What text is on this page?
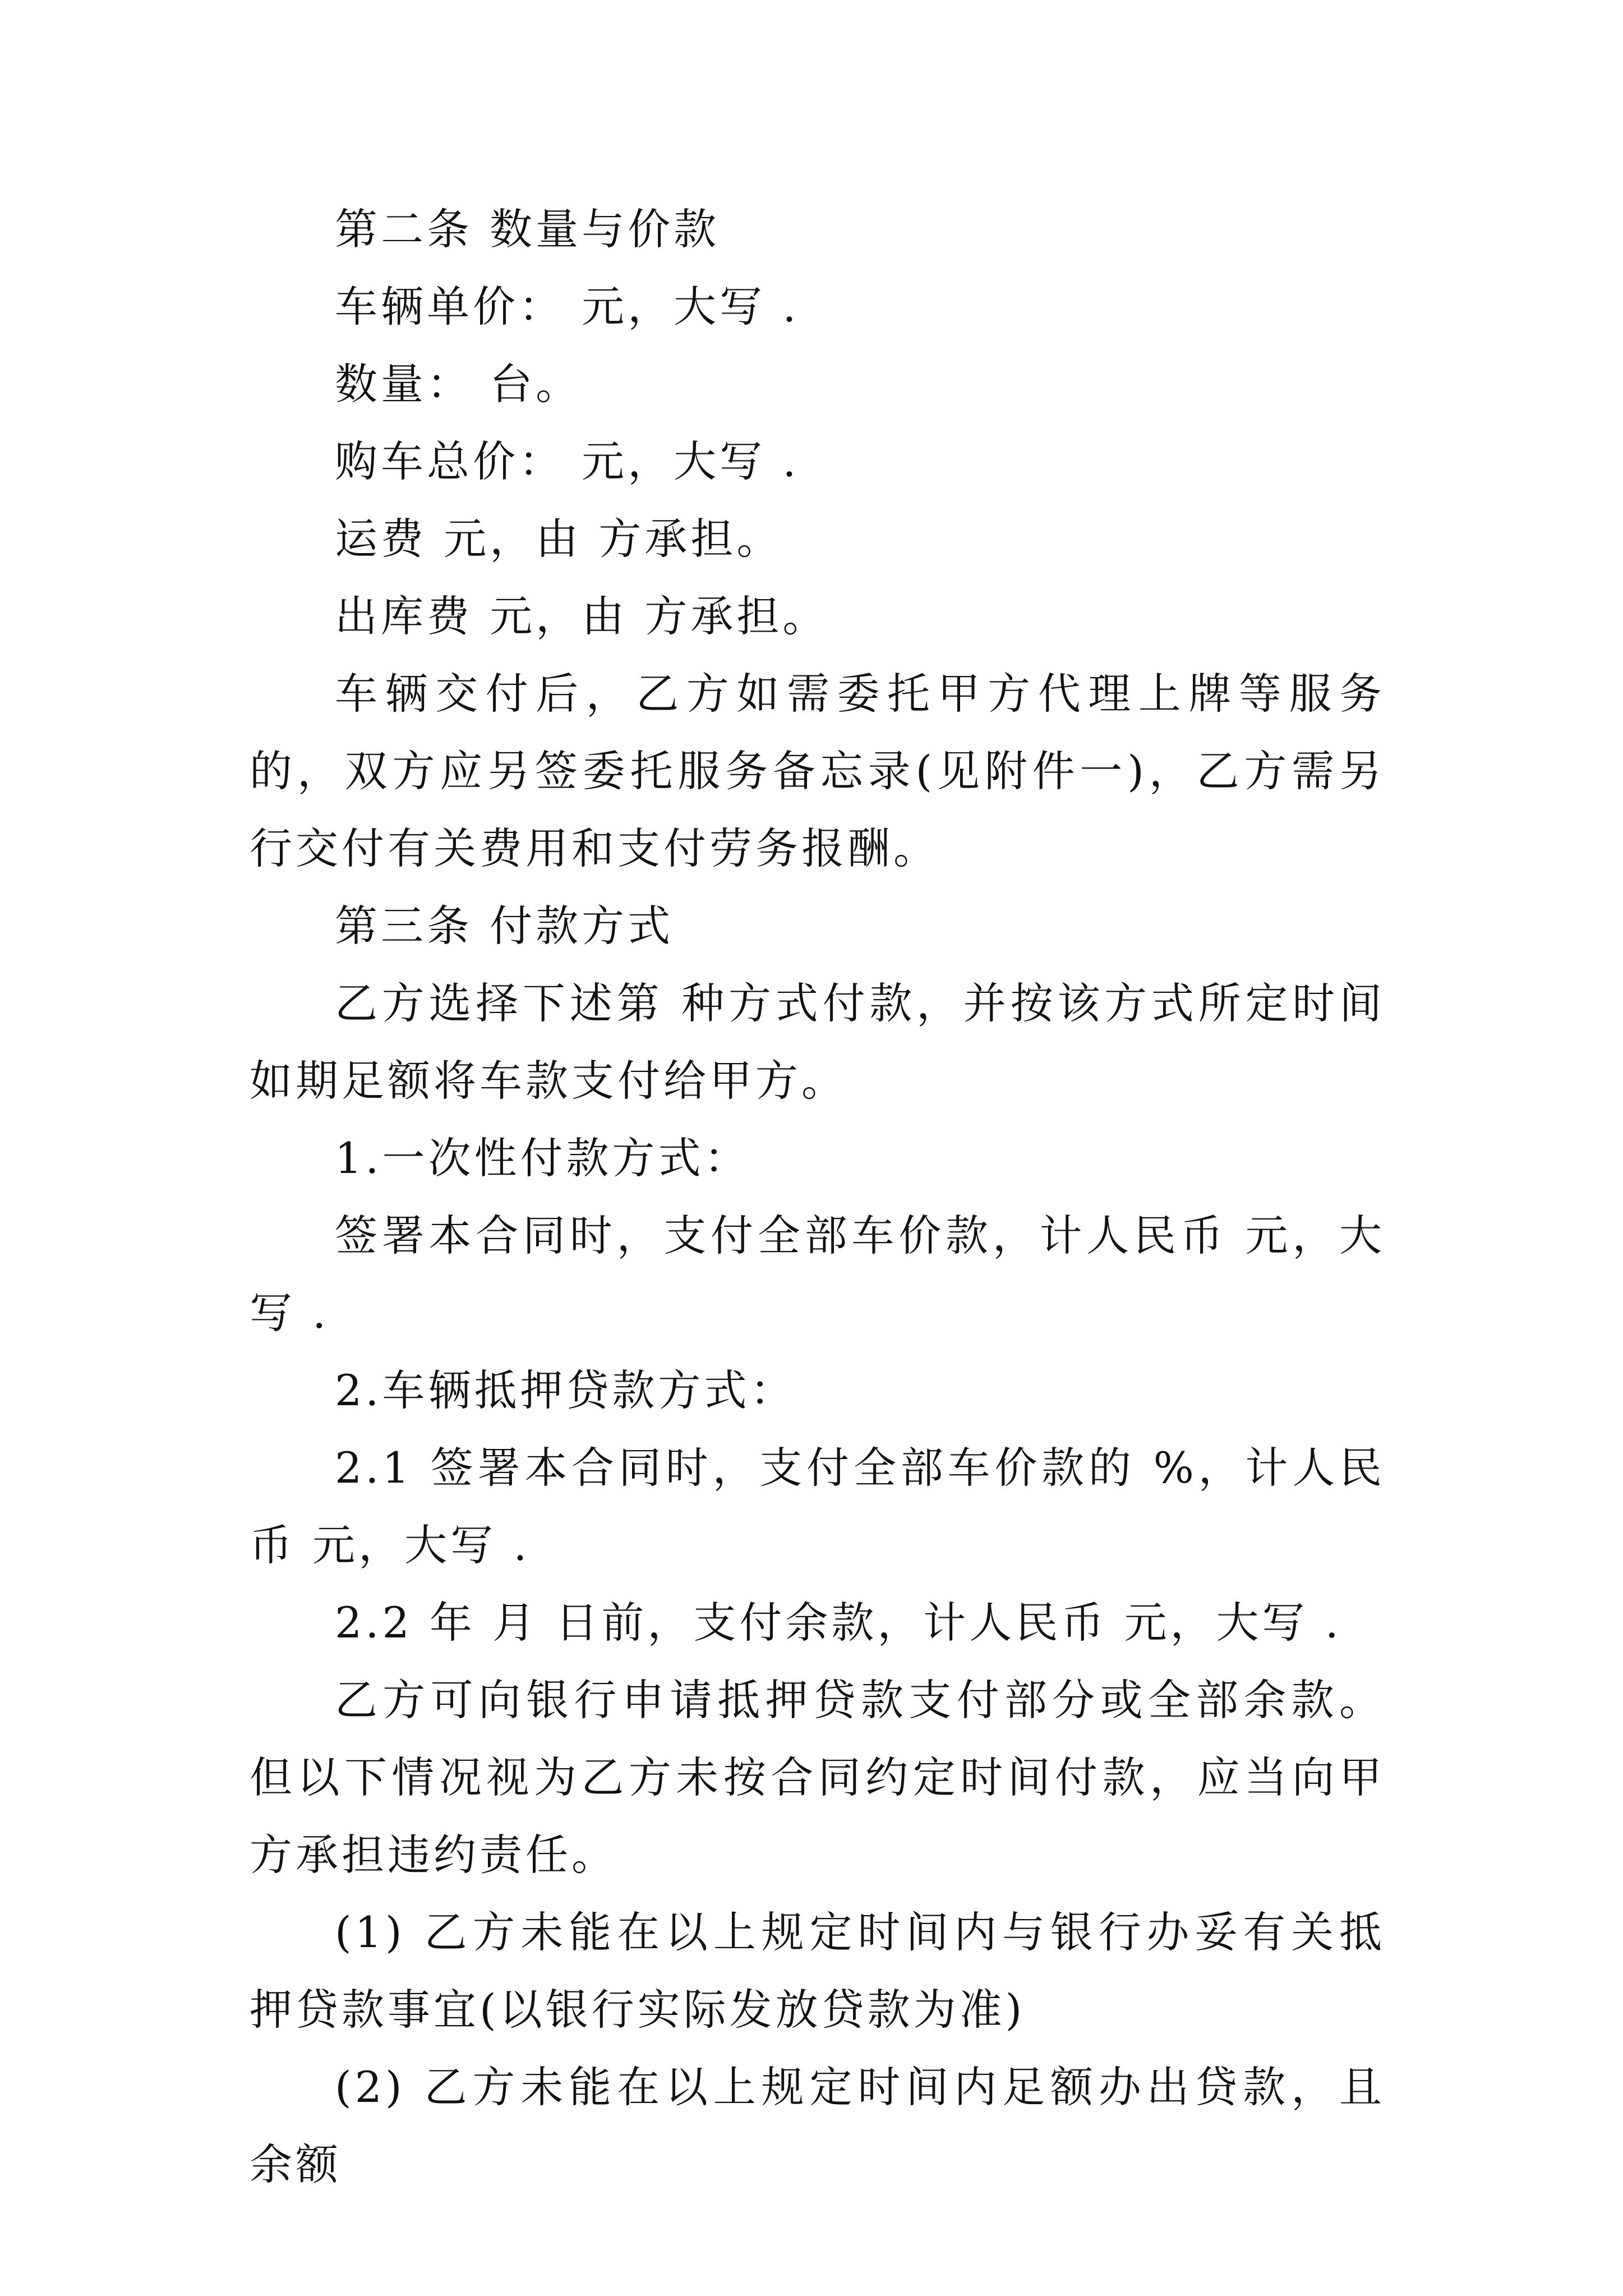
第二条 数量与价款

车辆单价： 元，大写 .

数量： 台。

购车总价： 元，大写 .

运费 元，由 方承担。

出库费 元，由 方承担。

车辆交付后，乙方如需委托甲方代理上牌等服务的，双方应另签委托服务备忘录(见附件一)，乙方需另行交付有关费用和支付劳务报酬。

第三条 付款方式

乙方选择下述第 种方式付款，并按该方式所定时间如期足额将车款支付给甲方。

1.一次性付款方式：

签署本合同时，支付全部车价款，计人民币 元，大写 .

2.车辆抵押贷款方式：

2.1 签署本合同时，支付全部车价款的 %，计人民币 元，大写 .

2.2 年 月 日前，支付余款，计人民币 元，大写 .

乙方可向银行申请抵押贷款支付部分或全部余款。但以下情况视为乙方未按合同约定时间付款，应当向甲方承担违约责任。

(1) 乙方未能在以上规定时间内与银行办妥有关抵押贷款事宜(以银行实际发放贷款为准)

(2) 乙方未能在以上规定时间内足额办出贷款，且余额
